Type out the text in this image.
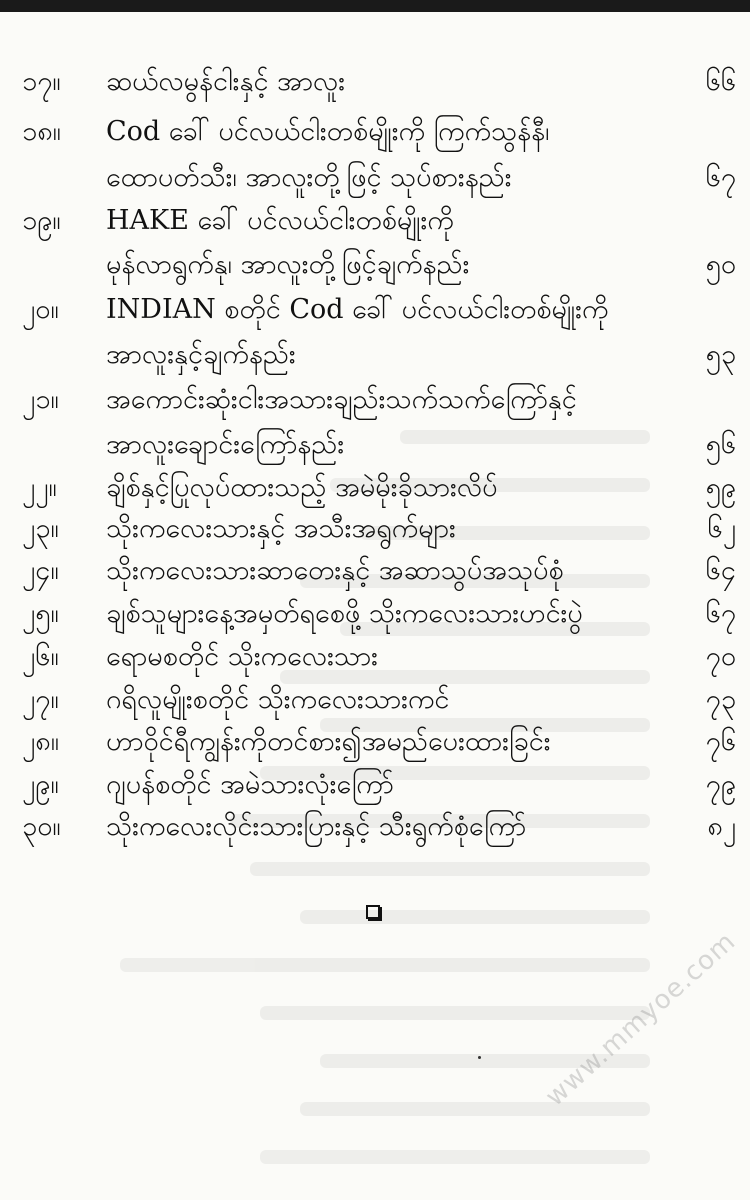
၁၇။	ဆယ်လမွန်ငါးနှင့် အာလူး	၆၆
၁၈။	Cod ခေါ် ပင်လယ်ငါးတစ်မျိုးကို ကြက်သွန်နီ၊
ထောပတ်သီး၊ အာလူးတို့ဖြင့် သုပ်စားနည်း	၆၇
၁၉။	HAKE ခေါ် ပင်လယ်ငါးတစ်မျိုးကို
မုန်လာရွက်နု၊ အာလူးတို့ဖြင့်ချက်နည်း	၅၀
၂၀။	INDIAN စတိုင် Cod ခေါ် ပင်လယ်ငါးတစ်မျိုးကို
အာလူးနှင့်ချက်နည်း	၅၃
၂၁။	အကောင်းဆုံးငါးအသားချည်းသက်သက်ကြော်နှင့်
အာလူးချောင်းကြော်နည်း	၅၆
၂၂။	ချိစ်နှင့်ပြုလုပ်ထားသည့် အမဲမိုးခိုသားလိပ်	၅၉
၂၃။	သိုးကလေးသားနှင့် အသီးအရွက်များ	၆၂
၂၄။	သိုးကလေးသားဆာတေးနှင့် အဆာသွပ်အသုပ်စုံ	၆၄
၂၅။	ချစ်သူများနေ့အမှတ်ရစေဖို့ သိုးကလေးသားဟင်းပွဲ	၆၇
၂၆။	ရောမစတိုင် သိုးကလေးသား	၇၀
၂၇။	ဂရိလူမျိုးစတိုင် သိုးကလေးသားကင်	၇၃
၂၈။	ဟာဝိုင်ရီကျွန်းကိုတင်စား၍အမည်ပေးထားခြင်း	၇၆
၂၉။	ဂျပန်စတိုင် အမဲသားလုံးကြော်	၇၉
၃၀။	သိုးကလေးလိုင်းသားပြားနှင့် သီးရွက်စုံကြော်	၈၂
www.mmyoe.com
